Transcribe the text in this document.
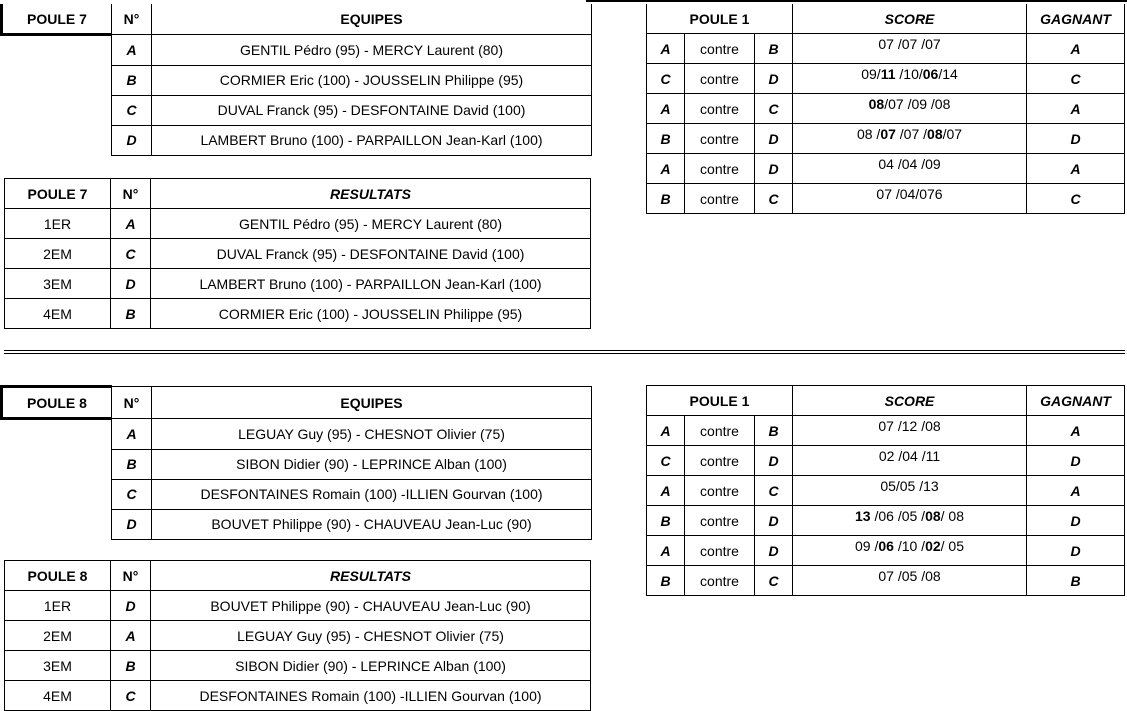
POULE 7	N°	EQUIPES
	A	GENTIL Pédro (95) - MERCY Laurent (80)
	B	CORMIER Eric (100) - JOUSSELIN Philippe (95)
	C	DUVAL Franck (95) - DESFONTAINE David (100)
	D	LAMBERT Bruno (100) - PARPAILLON Jean-Karl (100)
POULE 7	N°	RESULTATS
1ER	A	GENTIL Pédro (95) - MERCY Laurent (80)
2EM	C	DUVAL Franck (95) - DESFONTAINE David (100)
3EM	D	LAMBERT Bruno (100) - PARPAILLON Jean-Karl (100)
4EM	B	CORMIER Eric (100) - JOUSSELIN Philippe (95)
POULE 1			SCORE	GAGNANT
A	contre	B	07 /07 /07	A
C	contre	D	09/11 /10/06/14	C
A	contre	C	08/07 /09 /08	A
B	contre	D	08 /07 /07 /08/07	D
A	contre	D	04 /04 /09	A
B	contre	C	07 /04/076	C
POULE 8	N°	EQUIPES
	A	LEGUAY Guy (95) - CHESNOT Olivier (75)
	B	SIBON Didier (90) - LEPRINCE Alban (100)
	C	DESFONTAINES Romain (100) -ILLIEN Gourvan (100)
	D	BOUVET Philippe (90) - CHAUVEAU Jean-Luc (90)
POULE 8	N°	RESULTATS
1ER	D	BOUVET Philippe (90) - CHAUVEAU Jean-Luc (90)
2EM	A	LEGUAY Guy (95) - CHESNOT Olivier (75)
3EM	B	SIBON Didier (90) - LEPRINCE Alban (100)
4EM	C	DESFONTAINES Romain (100) -ILLIEN Gourvan (100)
POULE 1			SCORE	GAGNANT
A	contre	B	07 /12 /08	A
C	contre	D	02 /04 /11	D
A	contre	C	05/05 /13	A
B	contre	D	13 /06 /05 /08/ 08	D
A	contre	D	09 /06 /10 /02/ 05	D
B	contre	C	07 /05 /08	B
